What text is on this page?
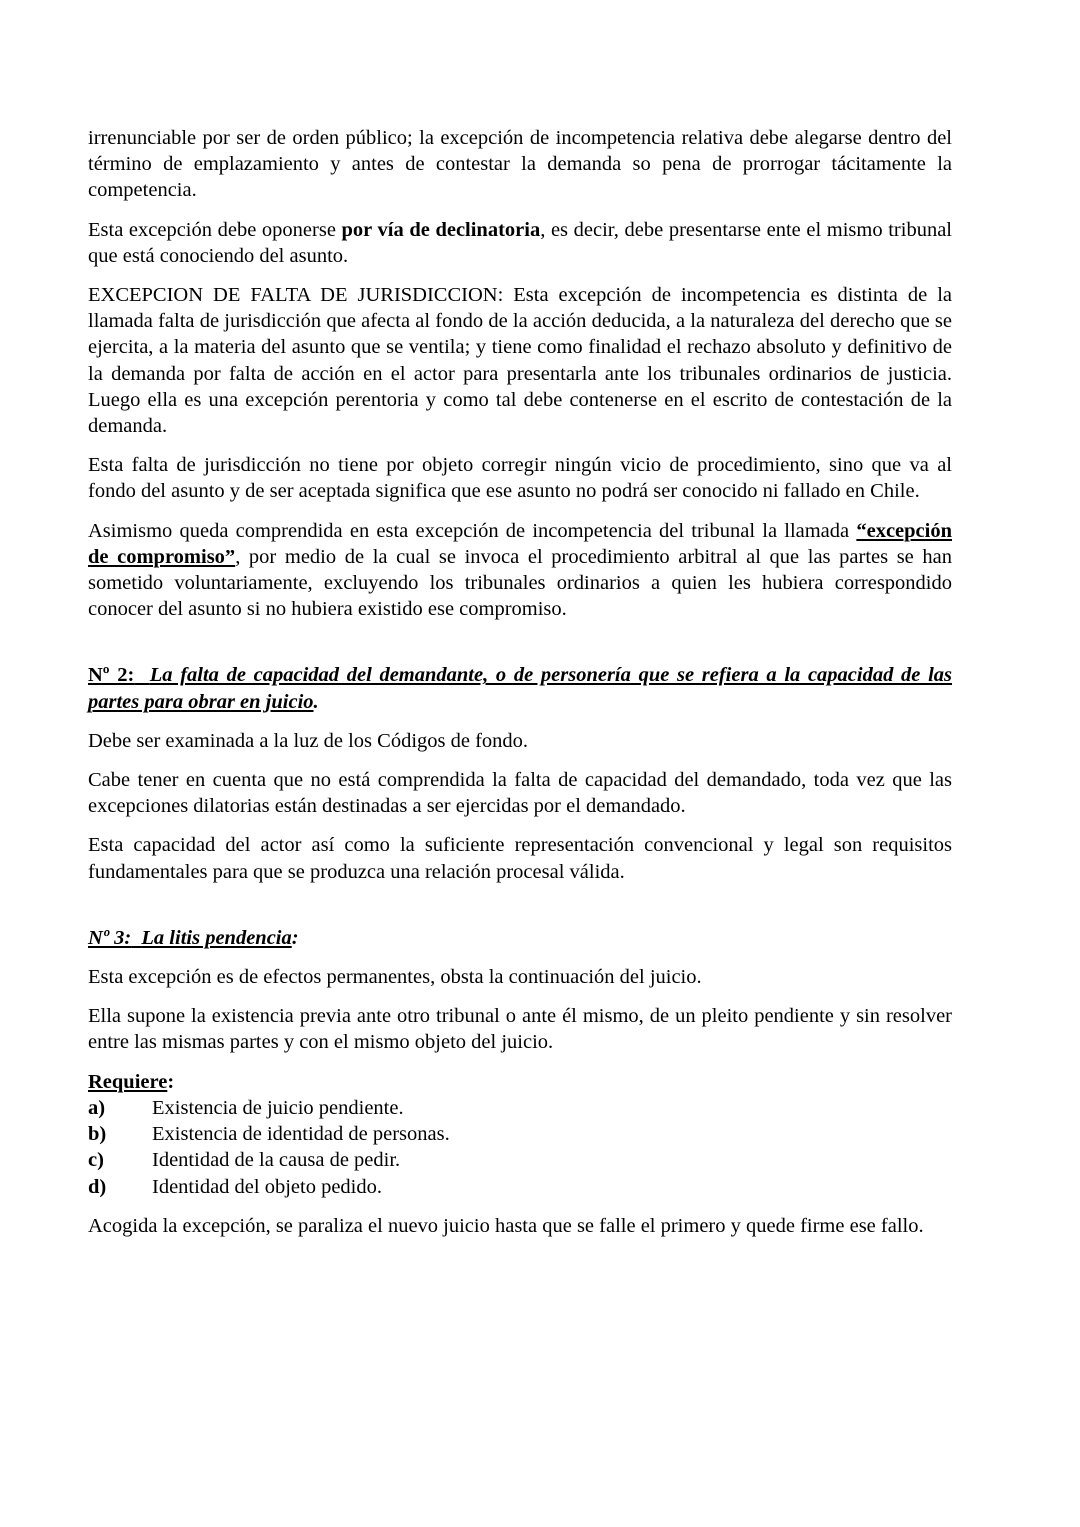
irrenunciable por ser de orden público; la excepción de incompetencia relativa debe alegarse dentro del término de emplazamiento y antes de contestar la demanda so pena de prorrogar tácitamente la competencia.

Esta excepción debe oponerse por vía de declinatoria, es decir, debe presentarse ente el mismo tribunal que está conociendo del asunto.

EXCEPCION DE FALTA DE JURISDICCION: Esta excepción de incompetencia es distinta de la llamada falta de jurisdicción que afecta al fondo de la acción deducida, a la naturaleza del derecho que se ejercita, a la materia del asunto que se ventila; y tiene como finalidad el rechazo absoluto y definitivo de la demanda por falta de acción en el actor para presentarla ante los tribunales ordinarios de justicia. Luego ella es una excepción perentoria y como tal debe contenerse en el escrito de contestación de la demanda.

Esta falta de jurisdicción no tiene por objeto corregir ningún vicio de procedimiento, sino que va al fondo del asunto y de ser aceptada significa que ese asunto no podrá ser conocido ni fallado en Chile.

Asimismo queda comprendida en esta excepción de incompetencia del tribunal la llamada “excepción de compromiso”, por medio de la cual se invoca el procedimiento arbitral al que las partes se han sometido voluntariamente, excluyendo los tribunales ordinarios a quien les hubiera correspondido conocer del asunto si no hubiera existido ese compromiso.

Nº 2: La falta de capacidad del demandante, o de personería que se refiera a la capacidad de las partes para obrar en juicio.

Debe ser examinada a la luz de los Códigos de fondo.

Cabe tener en cuenta que no está comprendida la falta de capacidad del demandado, toda vez que las excepciones dilatorias están destinadas a ser ejercidas por el demandado.

Esta capacidad del actor así como la suficiente representación convencional y legal son requisitos fundamentales para que se produzca una relación procesal válida.

Nº 3: La litis pendencia:

Esta excepción es de efectos permanentes, obsta la continuación del juicio.

Ella supone la existencia previa ante otro tribunal o ante él mismo, de un pleito pendiente y sin resolver entre las mismas partes y con el mismo objeto del juicio.

Requiere:

a)	Existencia de juicio pendiente.
b)	Existencia de identidad de personas.
c)	Identidad de la causa de pedir.
d)	Identidad del objeto pedido.

Acogida la excepción, se paraliza el nuevo juicio hasta que se falle el primero y quede firme ese fallo.
